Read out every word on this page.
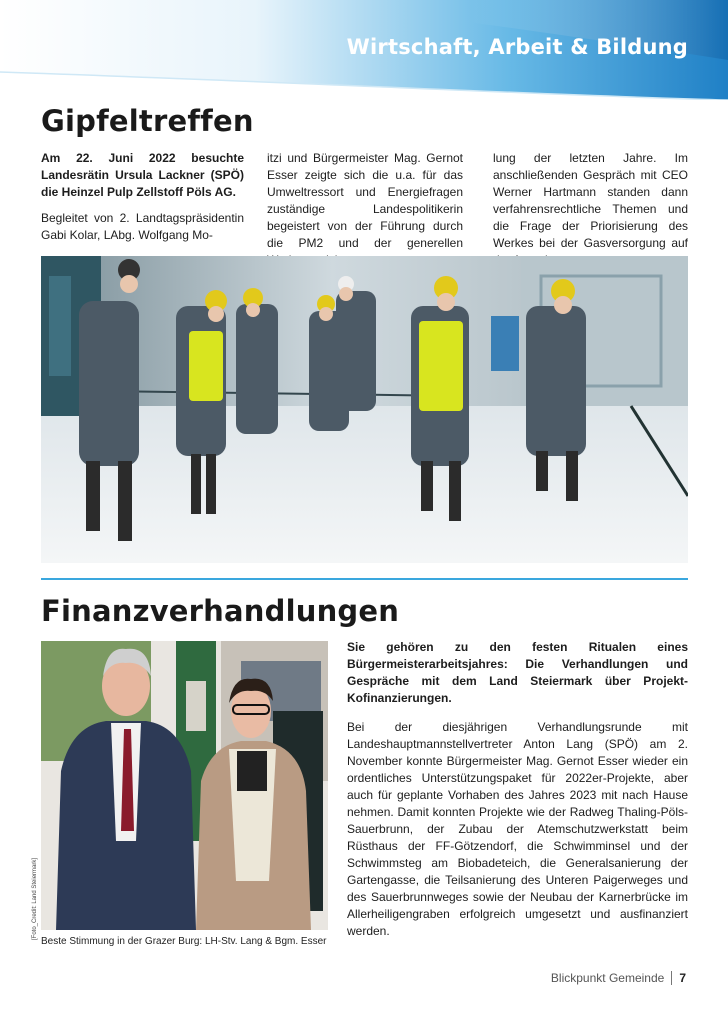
Wirtschaft, Arbeit & Bildung
Gipfeltreffen

Am 22. Juni 2022 besuchte Landesrätin Ursula Lackner (SPÖ) die Heinzel Pulp Zellstoff Pöls AG.

Begleitet von 2. Landtagspräsidentin Gabi Kolar, LAbg. Wolfgang Mo-

itzi und Bürgermeister Mag. Gernot Esser zeigte sich die u.a. für das Umweltressort und Energiefragen zuständige Landespolitikerin begeistert von der Führung durch die PM2 und der generellen

lung der letzten Jahre. Im anschließenden Gespräch mit CEO Werner Hartmann standen dann verfahrensrechtliche Themen und die Frage der Priorisierung des Werkes bei der Gasversorgung auf

Finanzverhandlungen
[Foto_Credit: Land Steiermark]
Beste Stimmung in der Grazer Burg: LH-Stv. Lang & Bgm. Esser

Sie gehören zu den festen Ritualen eines Bürgermeisterarbeitsjahres: Die Verhandlungen und Gespräche mit dem Land Steiermark über Projekt-Kofinanzierungen.

Bei der diesjährigen Verhandlungsrunde mit Landeshauptmannstellvertreter Anton Lang (SPÖ) am 2. November konnte Bürgermeister Mag. Gernot Esser wieder ein ordentliches Unterstützungspaket für 2022er-Projekte, aber auch für geplante Vorhaben des Jahres 2023 mit nach Hause nehmen. Damit konnten Projekte wie der Radweg Thaling-Pöls-Sauerbrunn, der Zubau der Atemschutzwerkstatt beim Rüsthaus der FF-Götzendorf, die Schwimminsel und der Schwimmsteg am Biobadeteich, die Generalsanierung der Gartengasse, die Teilsanierung des Unteren Paigerweges und des Sauerbrunnweges sowie der Neubau der Karnerbrücke im Allerheiligengraben erfolgreich umgesetzt und ausfinanziert werden.

Blickpunkt Gemeinde 7
